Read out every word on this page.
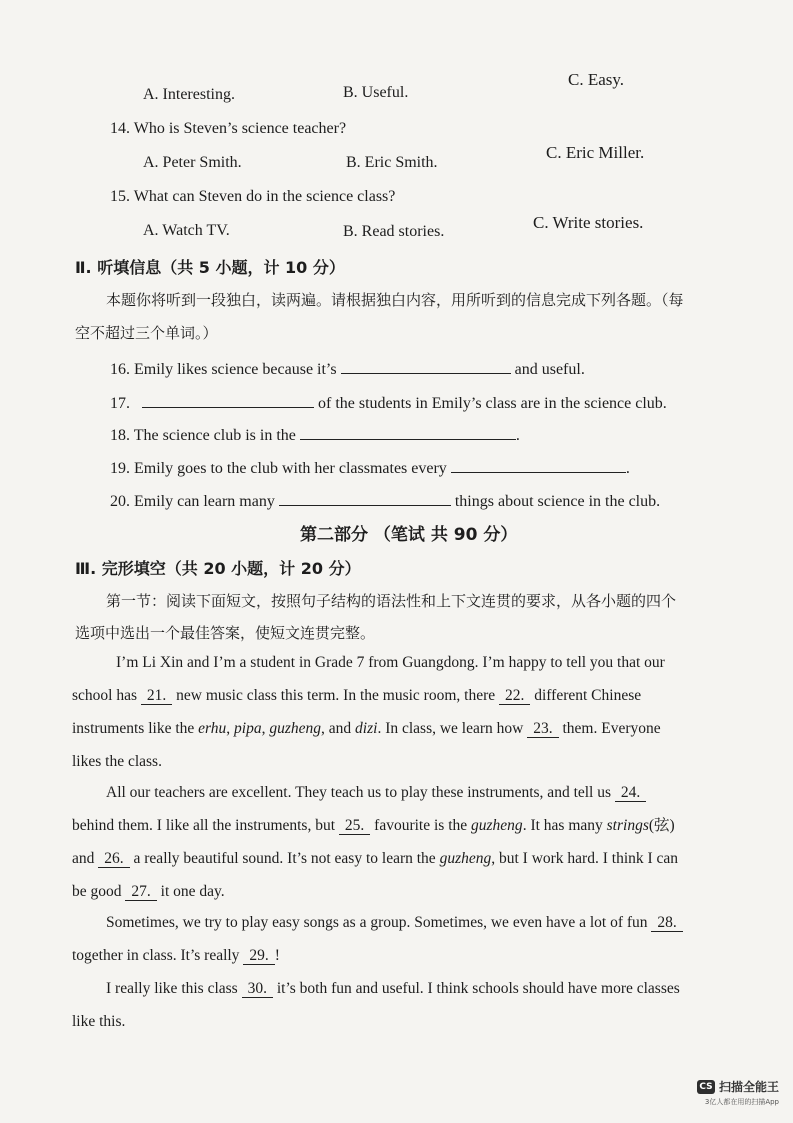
A. Interesting.	B. Useful.
C. Easy.
14. Who is Steven’s science teacher?
A. Peter Smith.	B. Eric Smith.
C. Eric Miller.
15. What can Steven do in the science class?
A. Watch TV.	B. Read stories.	C. Write stories.
Ⅱ. 听填信息（共 5 小题，计 10 分）
本题你将听到一段独白，读两遍。请根据独白内容，用所听到的信息完成下列各题。（每
空不超过三个单词。）
16. Emily likes science because it’s	and useful.
17.	of the students in Emily’s class are in the science club.
18. The science club is in the	.
19. Emily goes to the club with her classmates every	.
20. Emily can learn many	things about science in the club.
第二部分 （笔试 共 90 分）
Ⅲ. 完形填空（共 20 小题，计 20 分）
第一节：阅读下面短文，按照句子结构的语法性和上下文连贯的要求，从各小题的四个
选项中选出一个最佳答案，使短文连贯完整。
I’m Li Xin and I’m a student in Grade 7 from Guangdong. I’m happy to tell you that our
school has 21. new music class this term. In the music room, there 22. different Chinese
instruments like the erhu, pipa, guzheng, and dizi. In class, we learn how 23. them. Everyone
likes the class.
All our teachers are excellent. They teach us to play these instruments, and tell us 24.
behind them. I like all the instruments, but 25. favourite is the guzheng. It has many strings(弦)
and 26. a really beautiful sound. It’s not easy to learn the guzheng, but I work hard. I think I can
be good 27. it one day.
Sometimes, we try to play easy songs as a group. Sometimes, we even have a lot of fun 28.
together in class. It’s really 29. !
I really like this class 30. it’s both fun and useful. I think schools should have more classes
like this.
CS 扫描全能王
3亿人都在用的扫描App
